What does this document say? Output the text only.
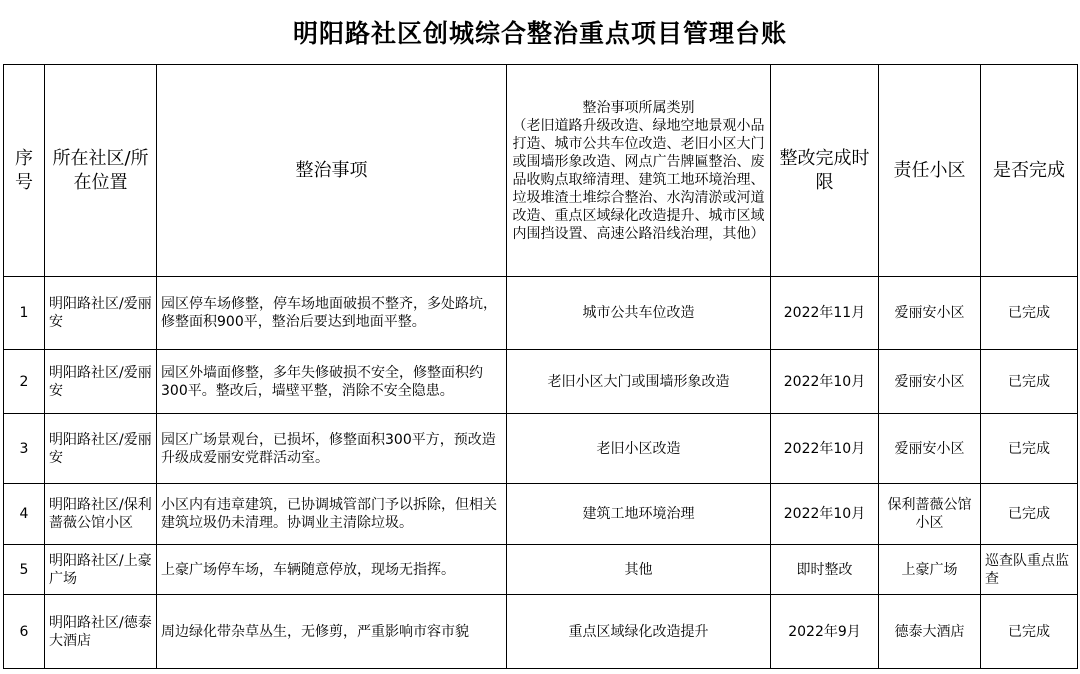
明阳路社区创城综合整治重点项目管理台账
序号	所在社区/所在位置	整治事项	整治事项所属类别
（老旧道路升级改造、绿地空地景观小品打造、城市公共车位改造、老旧小区大门或围墙形象改造、网点广告牌匾整治、废品收购点取缔清理、建筑工地环境治理、垃圾堆渣土堆综合整治、水沟清淤或河道改造、重点区域绿化改造提升、城市区域内围挡设置、高速公路沿线治理，其他）	整改完成时限	责任小区	是否完成
1	明阳路社区/爱丽安	园区停车场修整，停车场地面破损不整齐，多处路坑，修整面积900平，整治后要达到地面平整。	城市公共车位改造	2022年11月	爱丽安小区	已完成
2	明阳路社区/爱丽安	园区外墙面修整，多年失修破损不安全，修整面积约300平。整改后，墙壁平整，消除不安全隐患。	老旧小区大门或围墙形象改造	2022年10月	爱丽安小区	已完成
3	明阳路社区/爱丽安	园区广场景观台，已损坏，修整面积300平方，预改造升级成爱丽安党群活动室。	老旧小区改造	2022年10月	爱丽安小区	已完成
4	明阳路社区/保利蔷薇公馆小区	小区内有违章建筑，已协调城管部门予以拆除，但相关建筑垃圾仍未清理。协调业主清除垃圾。	建筑工地环境治理	2022年10月	保利蔷薇公馆小区	已完成
5	明阳路社区/上豪广场	上豪广场停车场，车辆随意停放，现场无指挥。	其他	即时整改	上豪广场	巡查队重点监查
6	明阳路社区/德泰大酒店	周边绿化带杂草丛生，无修剪，严重影响市容市貌	重点区域绿化改造提升	2022年9月	德泰大酒店	已完成
